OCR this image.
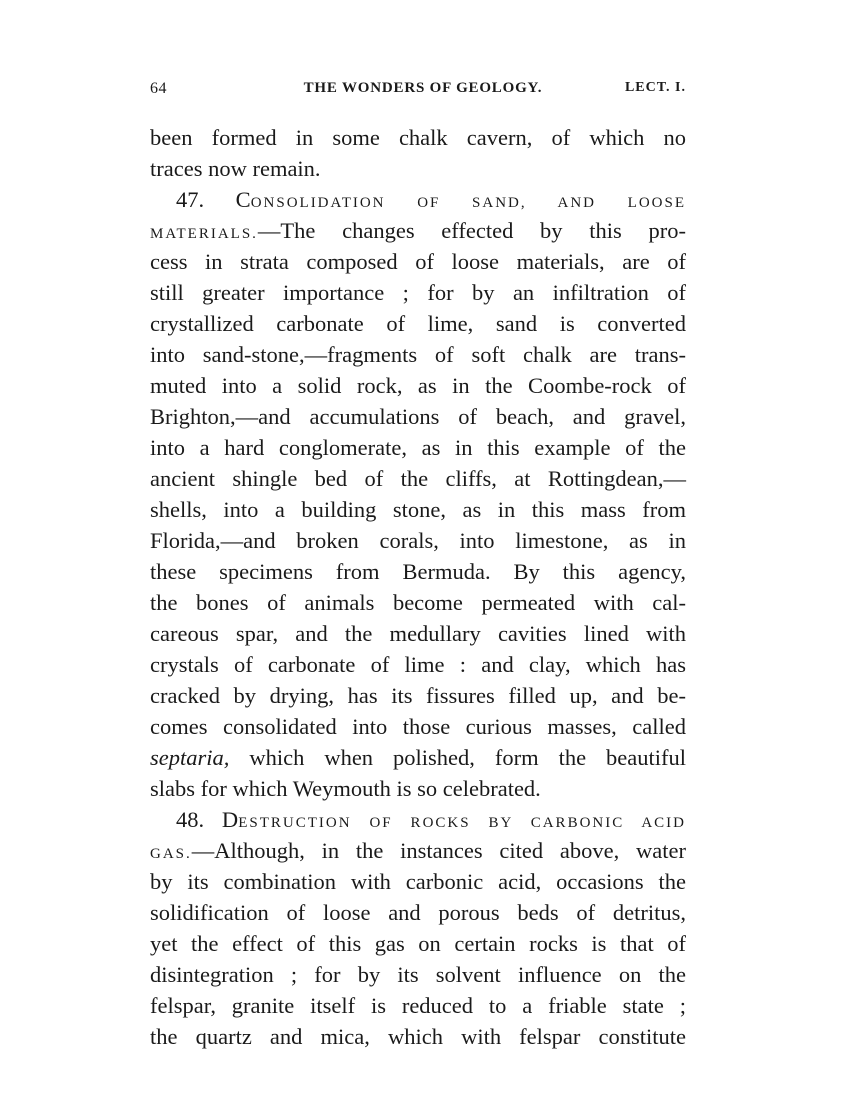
64	THE WONDERS OF GEOLOGY.	LECT. I.
been formed in some chalk cavern, of which no
traces now remain.
47. CONSOLIDATION OF SAND, AND LOOSE
MATERIALS.—The changes effected by this pro-
cess in strata composed of loose materials, are of
still greater importance ; for by an infiltration of
crystallized carbonate of lime, sand is converted
into sand-stone,—fragments of soft chalk are trans-
muted into a solid rock, as in the Coombe-rock of
Brighton,—and accumulations of beach, and gravel,
into a hard conglomerate, as in this example of the
ancient shingle bed of the cliffs, at Rottingdean,—
shells, into a building stone, as in this mass from
Florida,—and broken corals, into limestone, as in
these specimens from Bermuda. By this agency,
the bones of animals become permeated with cal-
careous spar, and the medullary cavities lined with
crystals of carbonate of lime : and clay, which has
cracked by drying, has its fissures filled up, and be-
comes consolidated into those curious masses, called
septaria, which when polished, form the beautiful
slabs for which Weymouth is so celebrated.
48. DESTRUCTION OF ROCKS BY CARBONIC ACID
GAS.—Although, in the instances cited above, water
by its combination with carbonic acid, occasions the
solidification of loose and porous beds of detritus,
yet the effect of this gas on certain rocks is that of
disintegration ; for by its solvent influence on the
felspar, granite itself is reduced to a friable state ;
the quartz and mica, which with felspar constitute
